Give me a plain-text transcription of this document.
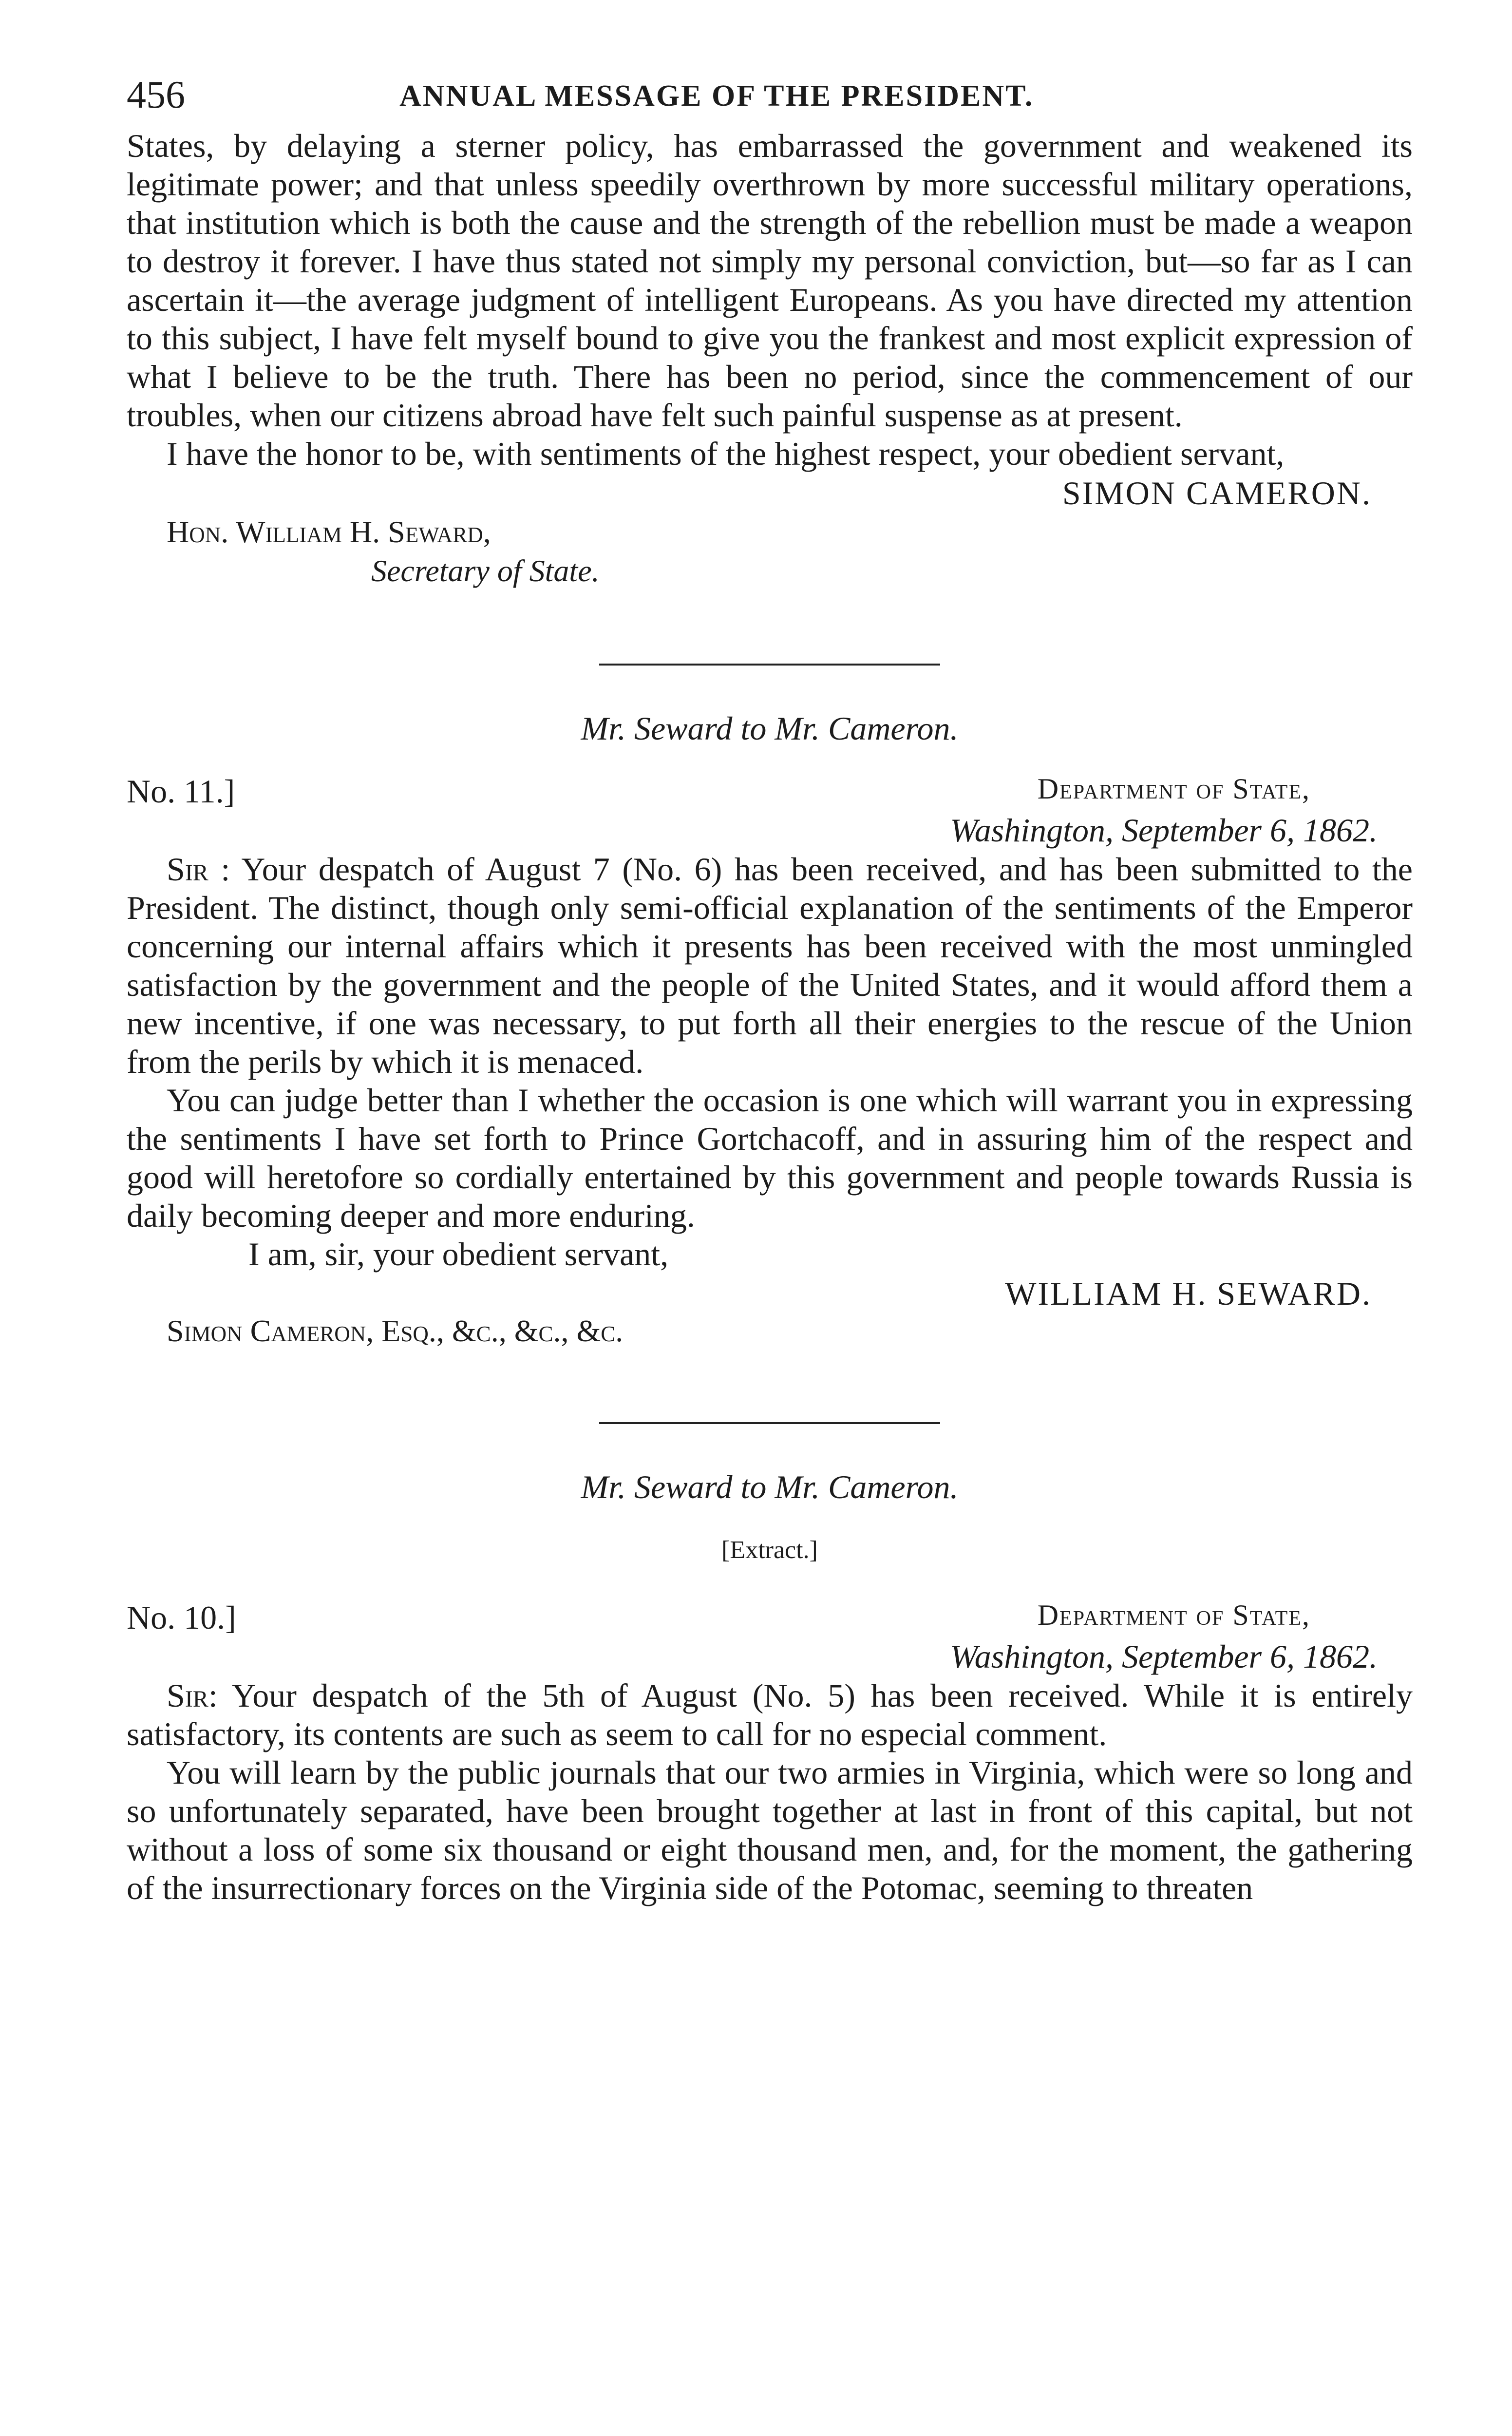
456	ANNUAL MESSAGE OF THE PRESIDENT.

States, by delaying a sterner policy, has embarrassed the government and weakened its legitimate power; and that unless speedily overthrown by more successful military operations, that institution which is both the cause and the strength of the rebellion must be made a weapon to destroy it forever. I have thus stated not simply my personal conviction, but—so far as I can ascertain it—the average judgment of intelligent Europeans. As you have directed my attention to this subject, I have felt myself bound to give you the frankest and most explicit expression of what I believe to be the truth. There has been no period, since the commencement of our troubles, when our citizens abroad have felt such painful suspense as at present.

I have the honor to be, with sentiments of the highest respect, your obedient servant,

SIMON CAMERON.
Hon. William H. Seward,
Secretary of State.
Mr. Seward to Mr. Cameron.
No. 11.]	Department of State,
Washington, September 6, 1862.

Sir : Your despatch of August 7 (No. 6) has been received, and has been submitted to the President. The distinct, though only semi-official explanation of the sentiments of the Emperor concerning our internal affairs which it presents has been received with the most unmingled satisfaction by the government and the people of the United States, and it would afford them a new incentive, if one was necessary, to put forth all their energies to the rescue of the Union from the perils by which it is menaced.

You can judge better than I whether the occasion is one which will warrant you in expressing the sentiments I have set forth to Prince Gortchacoff, and in assuring him of the respect and good will heretofore so cordially entertained by this government and people towards Russia is daily becoming deeper and more enduring.

I am, sir, your obedient servant,
WILLIAM H. SEWARD.
Simon Cameron, Esq., &c., &c., &c.
Mr. Seward to Mr. Cameron.
[Extract.]
No. 10.]	Department of State,
Washington, September 6, 1862.

Sir: Your despatch of the 5th of August (No. 5) has been received. While it is entirely satisfactory, its contents are such as seem to call for no especial comment.

You will learn by the public journals that our two armies in Virginia, which were so long and so unfortunately separated, have been brought together at last in front of this capital, but not without a loss of some six thousand or eight thousand men, and, for the moment, the gathering of the insurrectionary forces on the Virginia side of the Potomac, seeming to threaten
